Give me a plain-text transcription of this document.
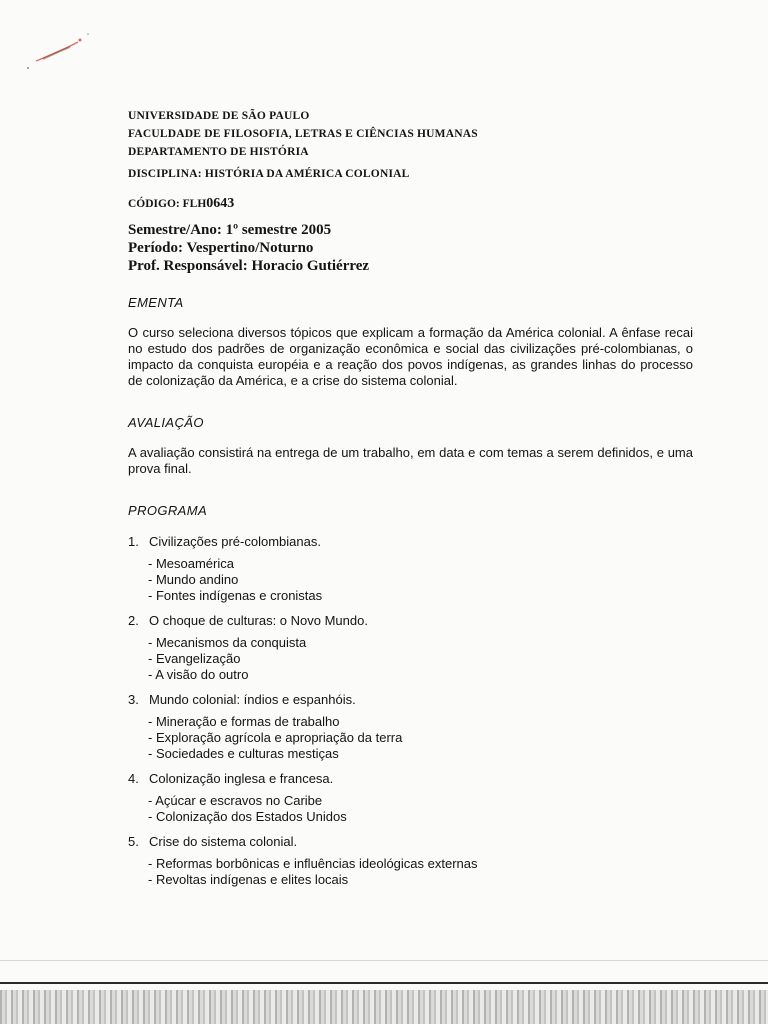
UNIVERSIDADE DE SÃO PAULO
FACULDADE DE FILOSOFIA, LETRAS E CIÊNCIAS HUMANAS
DEPARTAMENTO DE HISTÓRIA
DISCIPLINA: HISTÓRIA DA AMÉRICA COLONIAL
CÓDIGO: FLH0643
Semestre/Ano: 1º semestre 2005
Período: Vespertino/Noturno
Prof. Responsável: Horacio Gutiérrez
EMENTA
O curso seleciona diversos tópicos que explicam a formação da América colonial. A ênfase recai no estudo dos padrões de organização econômica e social das civilizações pré-colombianas, o impacto da conquista européia e a reação dos povos indígenas, as grandes linhas do processo de colonização da América, e a crise do sistema colonial.
AVALIAÇÃO
A avaliação consistirá na entrega de um trabalho, em data e com temas a serem definidos, e uma prova final.
PROGRAMA
1. Civilizações pré-colombianas.
- Mesoamérica
- Mundo andino
- Fontes indígenas e cronistas
2. O choque de culturas: o Novo Mundo.
- Mecanismos da conquista
- Evangelização
- A visão do outro
3. Mundo colonial: índios e espanhóis.
- Mineração e formas de trabalho
- Exploração agrícola e apropriação da terra
- Sociedades e culturas mestiças
4. Colonização inglesa e francesa.
- Açúcar e escravos no Caribe
- Colonização dos Estados Unidos
5. Crise do sistema colonial.
- Reformas borbônicas e influências ideológicas externas
- Revoltas indígenas e elites locais
